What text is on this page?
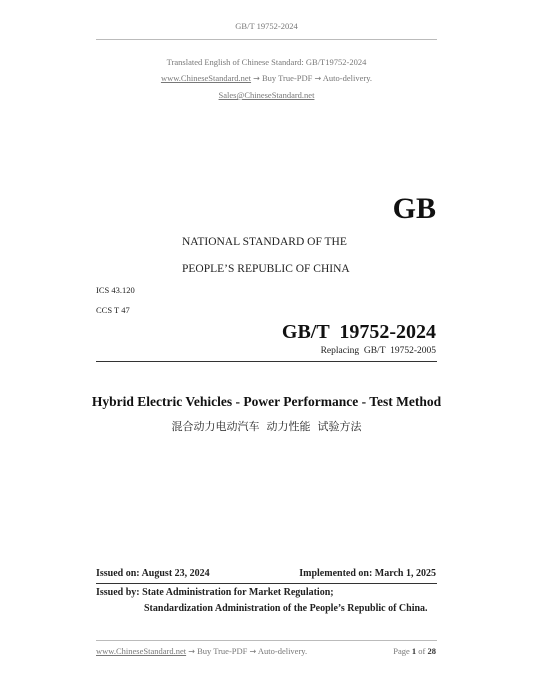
GB/T 19752-2024
Translated English of Chinese Standard: GB/T19752-2024
www.ChineseStandard.net → Buy True-PDF → Auto-delivery.
Sales@ChineseStandard.net
GB
NATIONAL STANDARD OF THE
PEOPLE’S REPUBLIC OF CHINA
ICS 43.120
CCS T 47
GB/T  19752-2024
Replacing  GB/T  19752-2005
Hybrid Electric Vehicles - Power Performance - Test Method
混合动力电动汽车  动力性能  试验方法
Issued on: August 23, 2024	Implemented on: March 1, 2025
Issued by: State Administration for Market Regulation;
Standardization Administration of the People’s Republic of China.
www.ChineseStandard.net → Buy True-PDF → Auto-delivery.	Page 1 of 28
